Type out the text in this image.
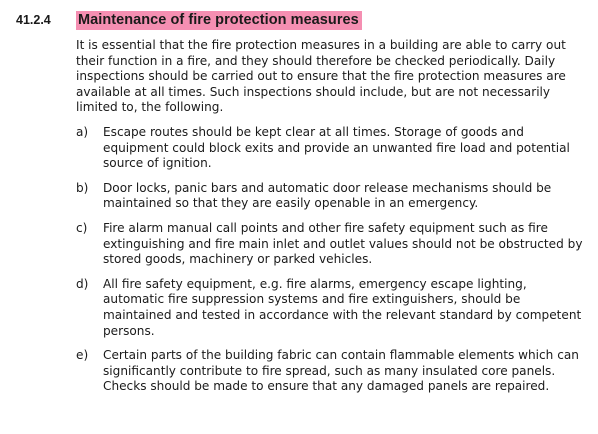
41.2.4	Maintenance of fire protection measures

It is essential that the fire protection measures in a building are able to carry out their function in a fire, and they should therefore be checked periodically. Daily inspections should be carried out to ensure that the fire protection measures are available at all times. Such inspections should include, but are not necessarily limited to, the following.

a)	Escape routes should be kept clear at all times. Storage of goods and equipment could block exits and provide an unwanted fire load and potential source of ignition.
b)	Door locks, panic bars and automatic door release mechanisms should be maintained so that they are easily openable in an emergency.
c)	Fire alarm manual call points and other fire safety equipment such as fire extinguishing and fire main inlet and outlet values should not be obstructed by stored goods, machinery or parked vehicles.
d)	All fire safety equipment, e.g. fire alarms, emergency escape lighting, automatic fire suppression systems and fire extinguishers, should be maintained and tested in accordance with the relevant standard by competent persons.
e)	Certain parts of the building fabric can contain flammable elements which can significantly contribute to fire spread, such as many insulated core panels. Checks should be made to ensure that any damaged panels are repaired.
